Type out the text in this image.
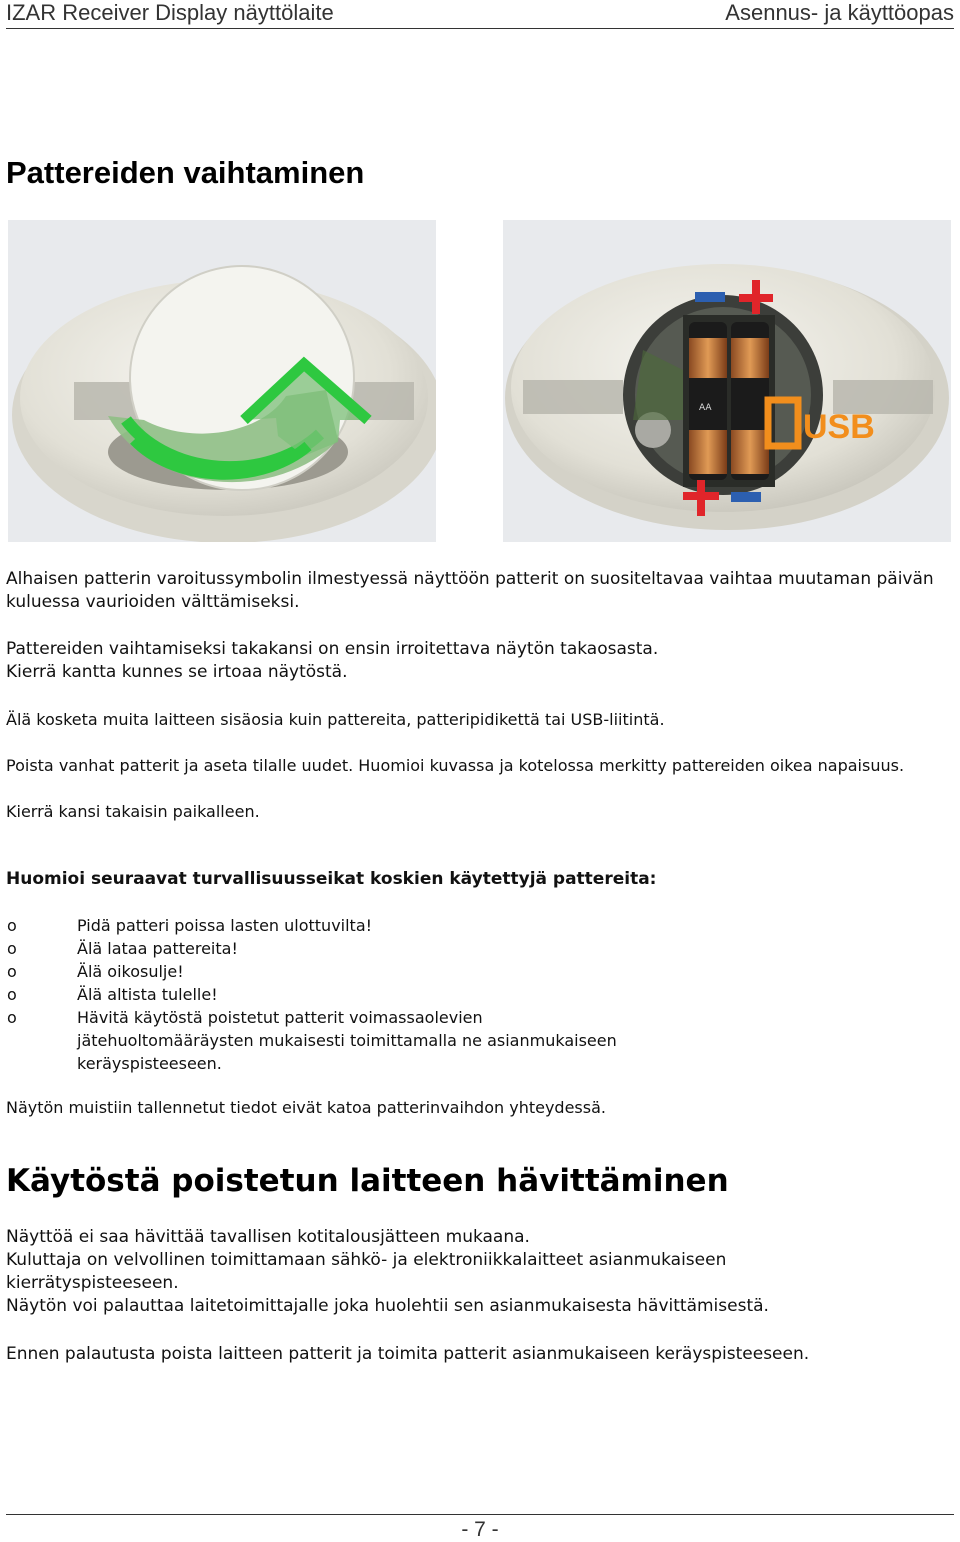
IZAR Receiver Display näyttölaite	Asennus- ja käyttöopas
Pattereiden vaihtaminen
AA	USB

Alhaisen patterin varoitussymbolin ilmestyessä näyttöön patterit on suositeltavaa vaihtaa muutaman päivän kuluessa vaurioiden välttämiseksi.

Pattereiden vaihtamiseksi takakansi on ensin irroitettava näytön takaosasta.
Kierrä kantta kunnes se irtoaa näytöstä.

Älä kosketa muita laitteen sisäosia kuin pattereita, patteripidikettä tai USB-liitintä.

Poista vanhat patterit ja aseta tilalle uudet. Huomioi kuvassa ja kotelossa merkitty pattereiden oikea napaisuus.

Kierrä kansi takaisin paikalleen.

Huomioi seuraavat turvallisuusseikat koskien käytettyjä pattereita:
o	Pidä patteri poissa lasten ulottuvilta!
o	Älä lataa pattereita!
o	Älä oikosulje!
o	Älä altista tulelle!
o	Hävitä käytöstä poistetut patterit voimassaolevien jätehuoltomääräysten mukaisesti toimittamalla ne asianmukaiseen keräyspisteeseen.

Näytön muistiin tallennetut tiedot eivät katoa patterinvaihdon yhteydessä.

Käytöstä poistetun laitteen hävittäminen

Näyttöä ei saa hävittää tavallisen kotitalousjätteen mukaana.
Kuluttaja on velvollinen toimittamaan sähkö- ja elektroniikkalaitteet asianmukaiseen kierrätyspisteeseen.
Näytön voi palauttaa laitetoimittajalle joka huolehtii sen asianmukaisesta hävittämisestä.

Ennen palautusta poista laitteen patterit ja toimita patterit asianmukaiseen keräyspisteeseen.

- 7 -
